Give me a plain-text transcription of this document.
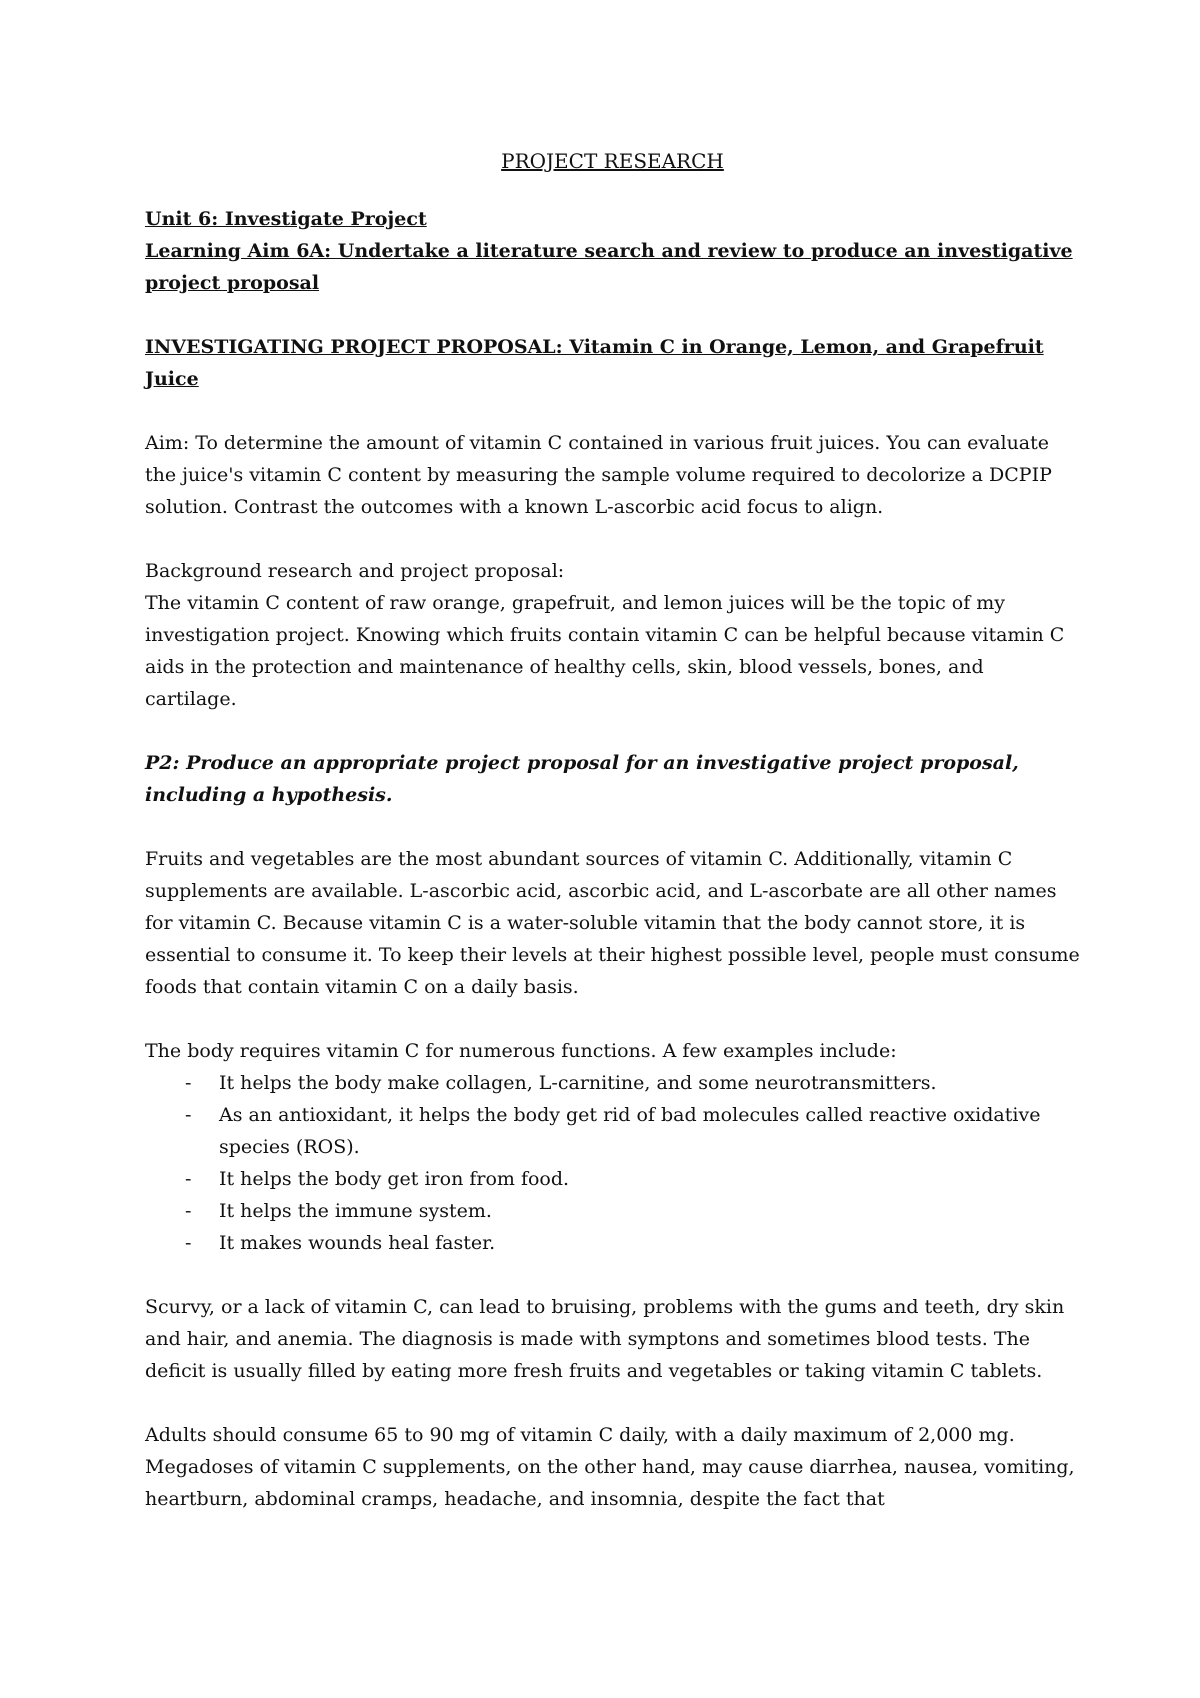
PROJECT RESEARCH

Unit 6: Investigate Project

Learning Aim 6A: Undertake a literature search and review to produce an investigative project proposal

INVESTIGATING PROJECT PROPOSAL: Vitamin C in Orange, Lemon, and Grapefruit Juice

Aim: To determine the amount of vitamin C contained in various fruit juices. You can evaluate the juice's vitamin C content by measuring the sample volume required to decolorize a DCPIP solution. Contrast the outcomes with a known L-ascorbic acid focus to align.

Background research and project proposal:

The vitamin C content of raw orange, grapefruit, and lemon juices will be the topic of my investigation project. Knowing which fruits contain vitamin C can be helpful because vitamin C aids in the protection and maintenance of healthy cells, skin, blood vessels, bones, and cartilage.

P2: Produce an appropriate project proposal for an investigative project proposal, including a hypothesis.

Fruits and vegetables are the most abundant sources of vitamin C. Additionally, vitamin C supplements are available. L-ascorbic acid, ascorbic acid, and L-ascorbate are all other names for vitamin C. Because vitamin C is a water-soluble vitamin that the body cannot store, it is essential to consume it. To keep their levels at their highest possible level, people must consume foods that contain vitamin C on a daily basis.

The body requires vitamin C for numerous functions. A few examples include:

- It helps the body make collagen, L-carnitine, and some neurotransmitters.
- As an antioxidant, it helps the body get rid of bad molecules called reactive oxidative species (ROS).
- It helps the body get iron from food.
- It helps the immune system.
- It makes wounds heal faster.

Scurvy, or a lack of vitamin C, can lead to bruising, problems with the gums and teeth, dry skin and hair, and anemia. The diagnosis is made with symptons and sometimes blood tests. The deficit is usually filled by eating more fresh fruits and vegetables or taking vitamin C tablets.

Adults should consume 65 to 90 mg of vitamin C daily, with a daily maximum of 2,000 mg. Megadoses of vitamin C supplements, on the other hand, may cause diarrhea, nausea, vomiting, heartburn, abdominal cramps, headache, and insomnia, despite the fact that
